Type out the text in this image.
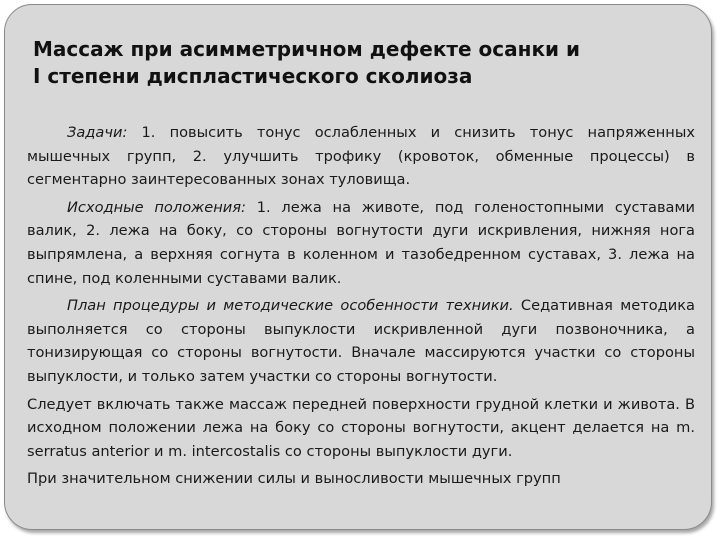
Массаж при асимметричном дефекте осанки и I степени диспластического сколиоза

Задачи: 1. повысить тонус ослабленных и снизить тонус напряженных мышечных групп, 2. улучшить трофику (кровоток, обменные процессы) в сегментарно заинтересованных зонах туловища.

Исходные положения: 1. лежа на животе, под голеностопными суставами валик, 2. лежа на боку, со стороны вогнутости дуги искривления, нижняя нога выпрямлена, а верхняя согнута в коленном и тазобедренном суставах, 3. лежа на спине, под коленными суставами валик.

План процедуры и методические особенности техники. Седативная методика выполняется со стороны выпуклости искривленной дуги позвоночника, а тонизирующая со стороны вогнутости. Вначале массируются участки со стороны выпуклости, и только затем участки со стороны вогнутости.

Следует включать также массаж передней поверхности грудной клетки и живота. В исходном положении лежа на боку со стороны вогнутости, акцент делается на m. serratus anterior и m. intercostalis со стороны выпуклости дуги.

При значительном снижении силы и выносливости мышечных групп
